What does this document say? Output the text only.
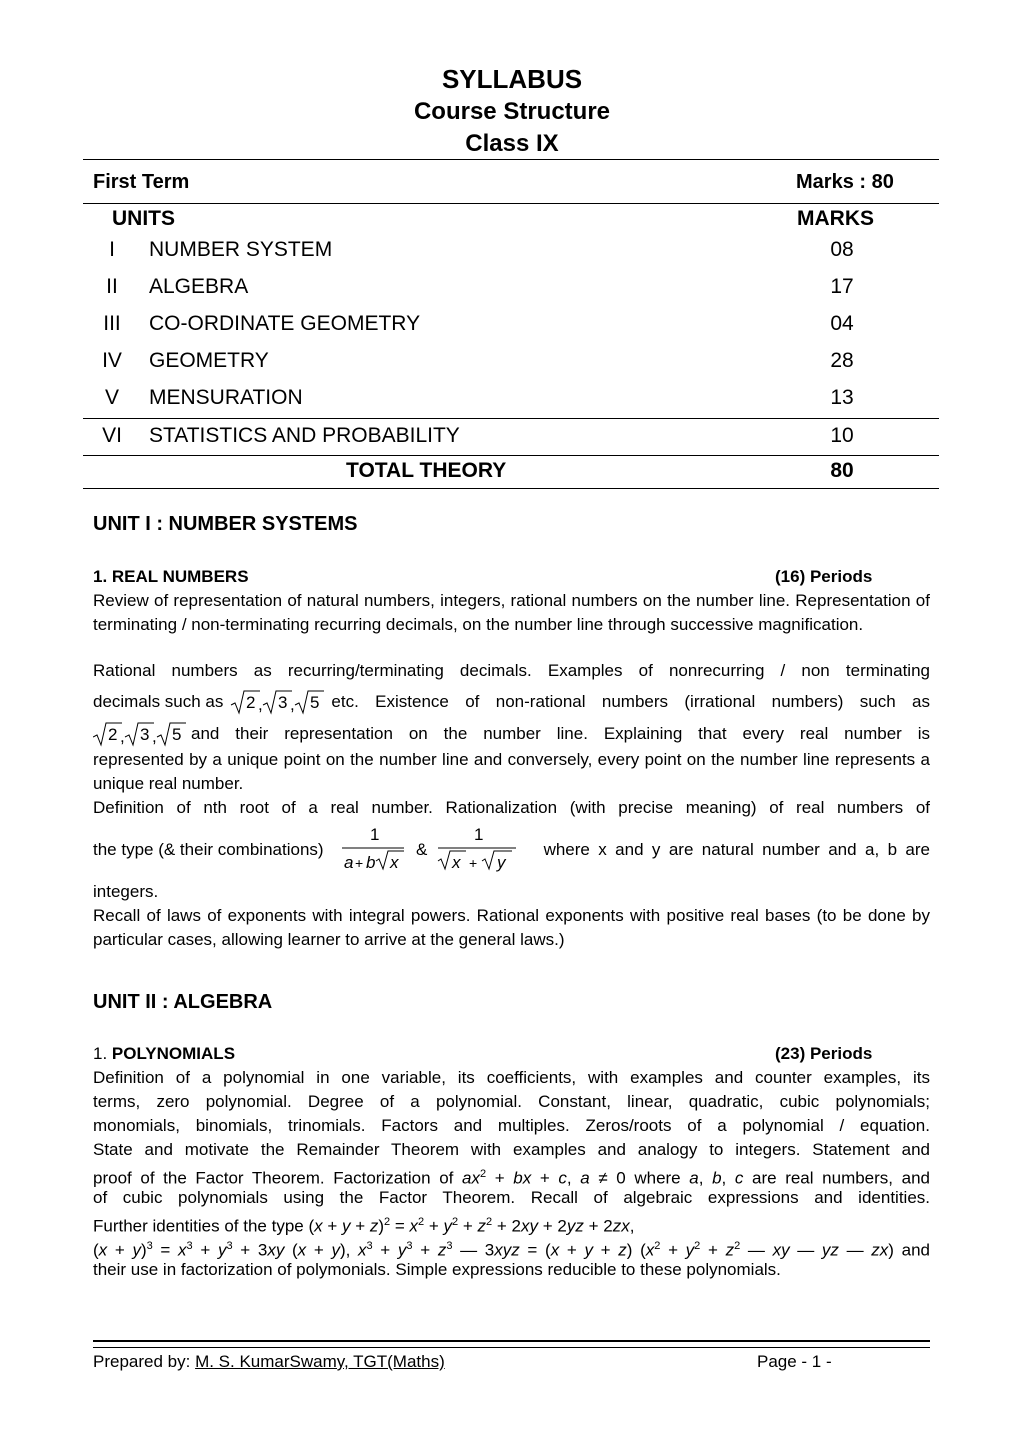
SYLLABUS
Course Structure
Class IX
First Term	Marks : 80
UNITS	MARKS
I	NUMBER SYSTEM	08
II	ALGEBRA	17
III	CO-ORDINATE GEOMETRY	04
IV	GEOMETRY	28
V	MENSURATION	13
VI	STATISTICS AND PROBABILITY	10
TOTAL THEORY	80
UNIT I : NUMBER SYSTEMS
1. REAL NUMBERS	(16) Periods
Review of representation of natural numbers, integers, rational numbers on the number line. Representation of terminating / non-terminating recurring decimals, on the number line through successive magnification.
Rational numbers as recurring/terminating decimals. Examples of nonrecurring / non terminating
decimals such as 2 , 3 , 5 etc. Existence of non-rational numbers (irrational numbers) such as
2 , 3 , 5 and their representation on the number line. Explaining that every real number is
represented by a unique point on the number line and conversely, every point on the number line represents a unique real number.
Definition of nth root of a real number. Rationalization (with precise meaning) of real numbers of
the type (& their combinations)
1
a + b x
&
1
x + y
where x and y are natural number and a, b are
integers.
Recall of laws of exponents with integral powers. Rational exponents with positive real bases (to be done by particular cases, allowing learner to arrive at the general laws.)
UNIT II : ALGEBRA
1. POLYNOMIALS	(23) Periods
Definition of a polynomial in one variable, its coefficients, with examples and counter examples, its
terms, zero polynomial. Degree of a polynomial. Constant, linear, quadratic, cubic polynomials;
monomials, binomials, trinomials. Factors and multiples. Zeros/roots of a polynomial / equation.
State and motivate the Remainder Theorem with examples and analogy to integers. Statement and
proof of the Factor Theorem. Factorization of $ax^2$ + bx + c, a ≠ 0 where a, b, c are real numbers, and
of cubic polynomials using the Factor Theorem. Recall of algebraic expressions and identities.
Further identities of the type $(x + y + z)^2 = x^2 + y^2 + z^2 + 2xy + 2yz + 2zx$,
$(x + y)^3 = x^3 + y^3 + 3xy$ (x + y), $x^3 + y^3 + z^3$ — 3xyz = (x + y + z) ($x^2 + y^2 + z^2$ — xy — yz — zx) and
their use in factorization of polymonials. Simple expressions reducible to these polynomials.
Prepared by: M. S. KumarSwamy, TGT(Maths)	Page - 1 -
